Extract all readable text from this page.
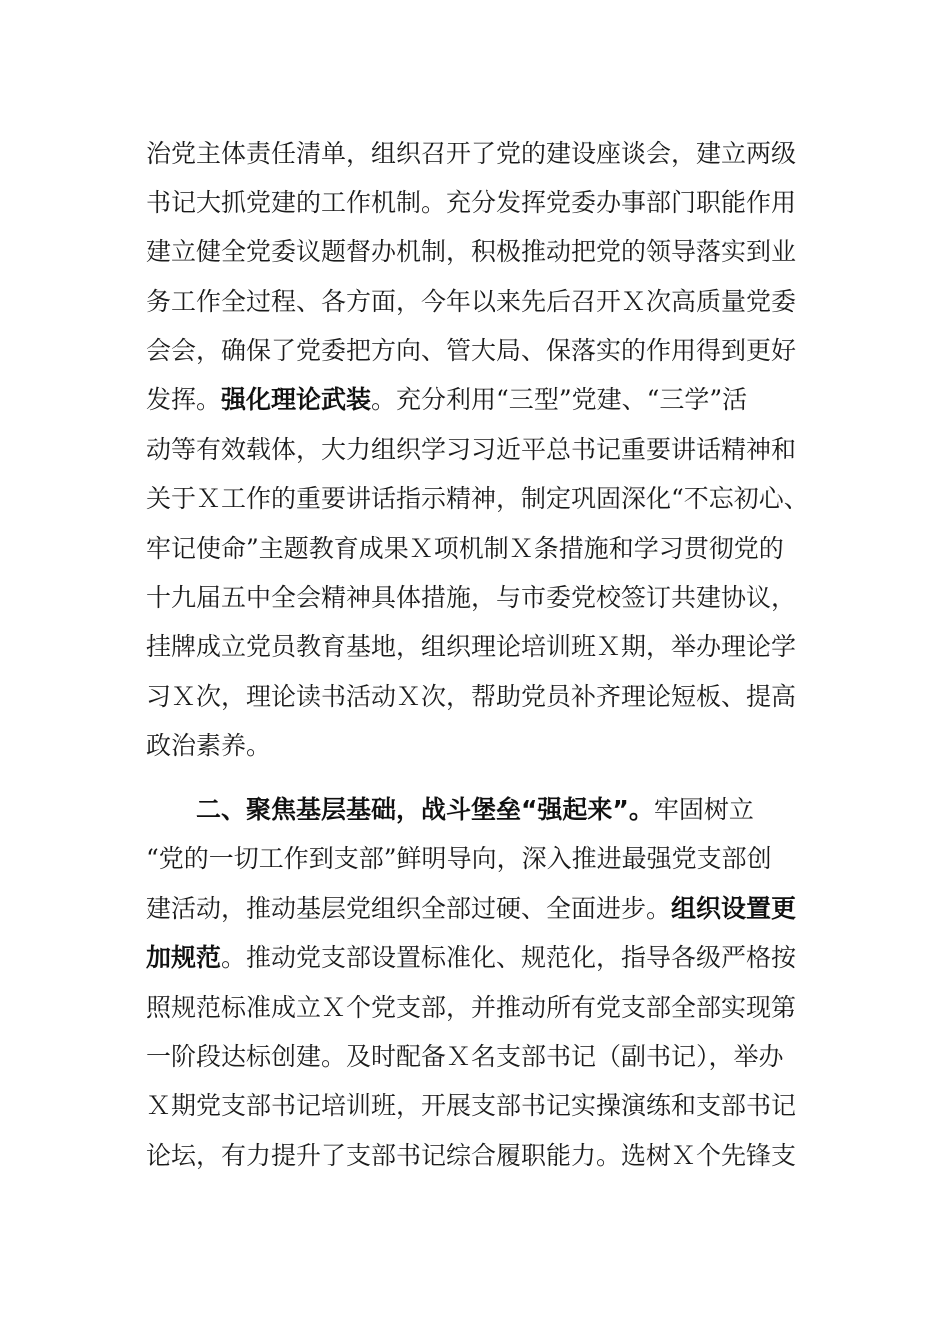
治党主体责任清单，组织召开了党的建设座谈会，建立两级
书记大抓党建的工作机制。充分发挥党委办事部门职能作用
建立健全党委议题督办机制，积极推动把党的领导落实到业
务工作全过程、各方面，今年以来先后召开Ｘ次高质量党委
会会，确保了党委把方向、管大局、保落实的作用得到更好
发挥。强化理论武装。充分利用“三型”党建、“三学”活
动等有效载体，大力组织学习习近平总书记重要讲话精神和
关于Ｘ工作的重要讲话指示精神，制定巩固深化“不忘初心、
牢记使命”主题教育成果Ｘ项机制Ｘ条措施和学习贯彻党的
十九届五中全会精神具体措施，与市委党校签订共建协议，
挂牌成立党员教育基地，组织理论培训班Ｘ期，举办理论学
习Ｘ次，理论读书活动Ｘ次，帮助党员补齐理论短板、提高
政治素养。
二、聚焦基层基础，战斗堡垒“强起来”。牢固树立
“党的一切工作到支部”鲜明导向，深入推进最强党支部创
建活动，推动基层党组织全部过硬、全面进步。组织设置更
加规范。推动党支部设置标准化、规范化，指导各级严格按
照规范标准成立Ｘ个党支部，并推动所有党支部全部实现第
一阶段达标创建。及时配备Ｘ名支部书记（副书记），举办
Ｘ期党支部书记培训班，开展支部书记实操演练和支部书记
论坛，有力提升了支部书记综合履职能力。选树Ｘ个先锋支
